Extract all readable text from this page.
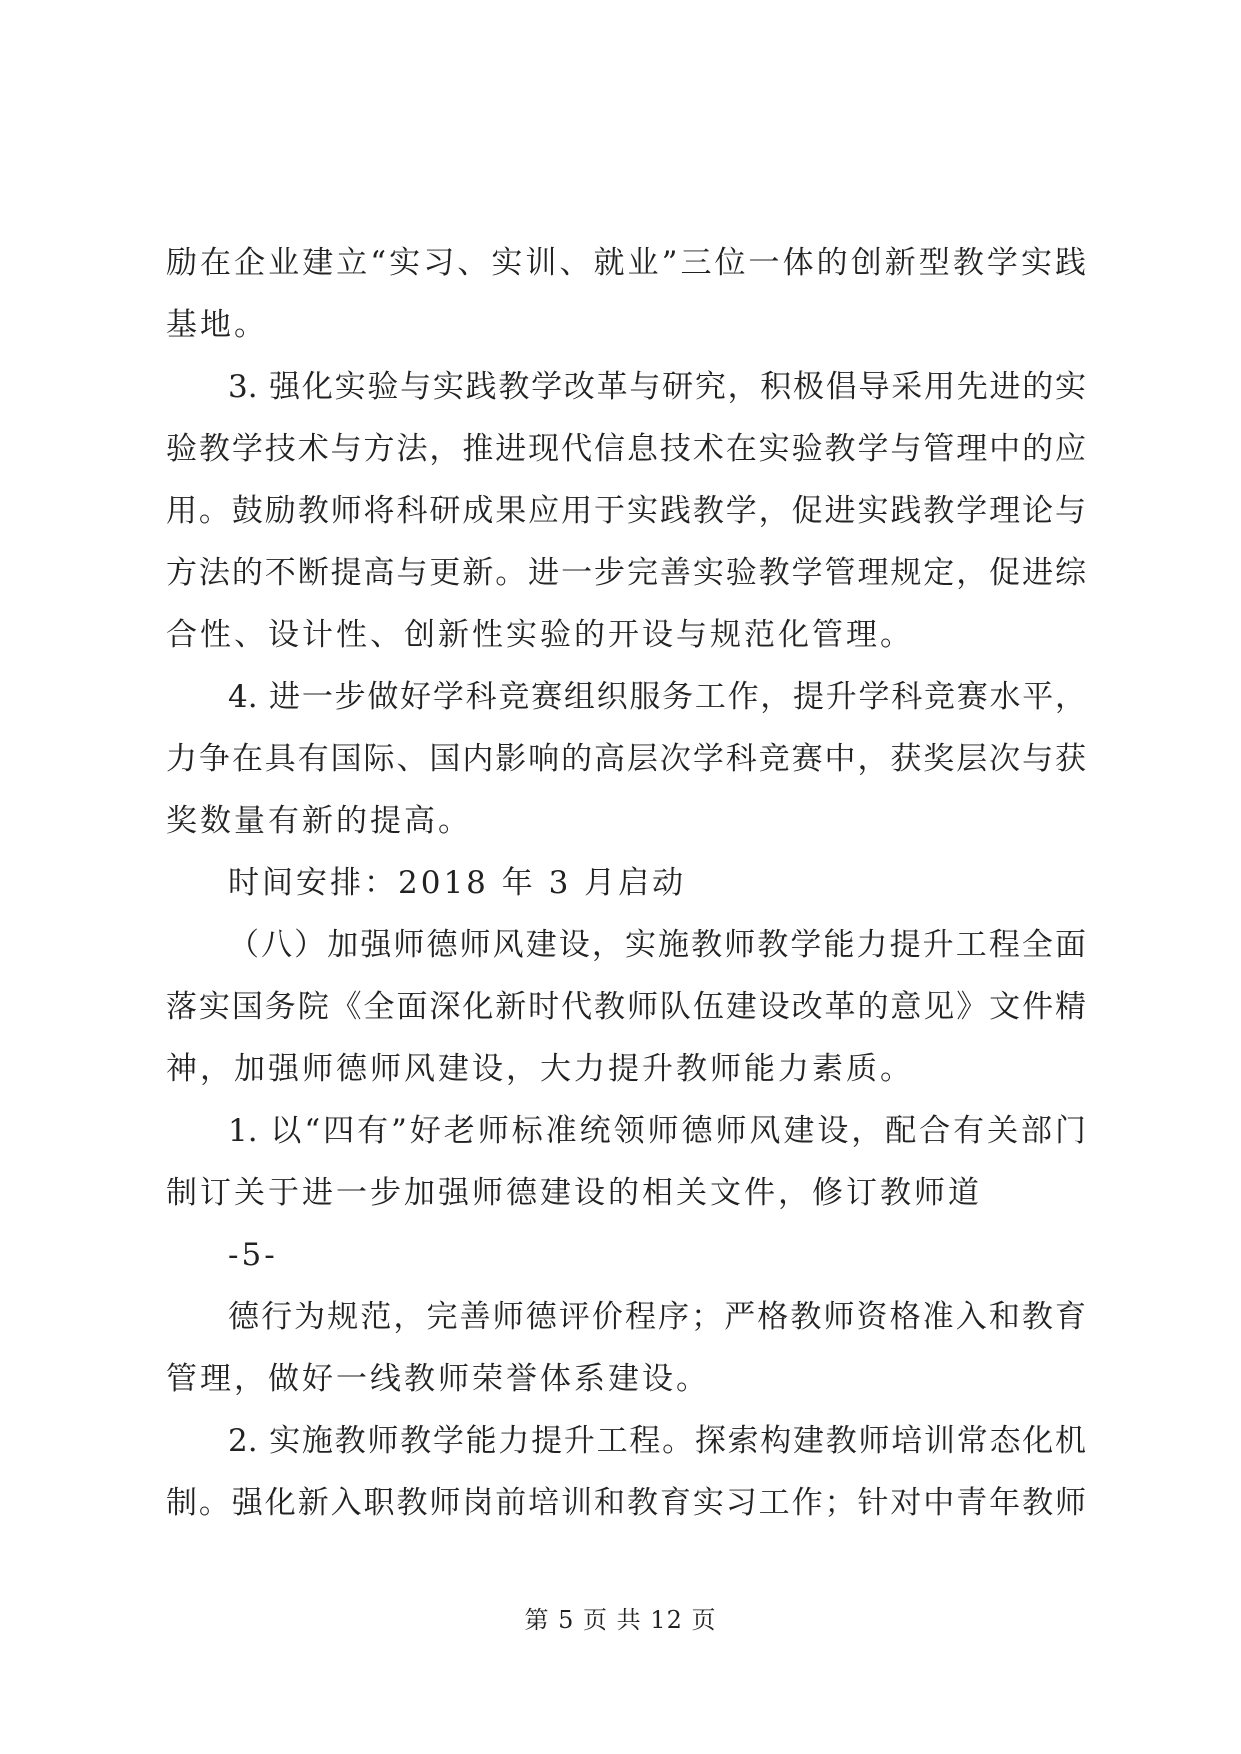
励在企业建立“实习、实训、就业”三位一体的创新型教学实践
基地。
3. 强化实验与实践教学改革与研究，积极倡导采用先进的实
验教学技术与方法，推进现代信息技术在实验教学与管理中的应
用。鼓励教师将科研成果应用于实践教学，促进实践教学理论与
方法的不断提高与更新。进一步完善实验教学管理规定，促进综
合性、设计性、创新性实验的开设与规范化管理。
4. 进一步做好学科竞赛组织服务工作，提升学科竞赛水平，
力争在具有国际、国内影响的高层次学科竞赛中，获奖层次与获
奖数量有新的提高。
时间安排：2018 年 3 月启动
（八）加强师德师风建设，实施教师教学能力提升工程全面
落实国务院《全面深化新时代教师队伍建设改革的意见》文件精
神，加强师德师风建设，大力提升教师能力素质。
1. 以“四有”好老师标准统领师德师风建设，配合有关部门
制订关于进一步加强师德建设的相关文件，修订教师道
-5-
德行为规范，完善师德评价程序；严格教师资格准入和教育
管理，做好一线教师荣誉体系建设。
2. 实施教师教学能力提升工程。探索构建教师培训常态化机
制。强化新入职教师岗前培训和教育实习工作；针对中青年教师
第 5 页 共 12 页
